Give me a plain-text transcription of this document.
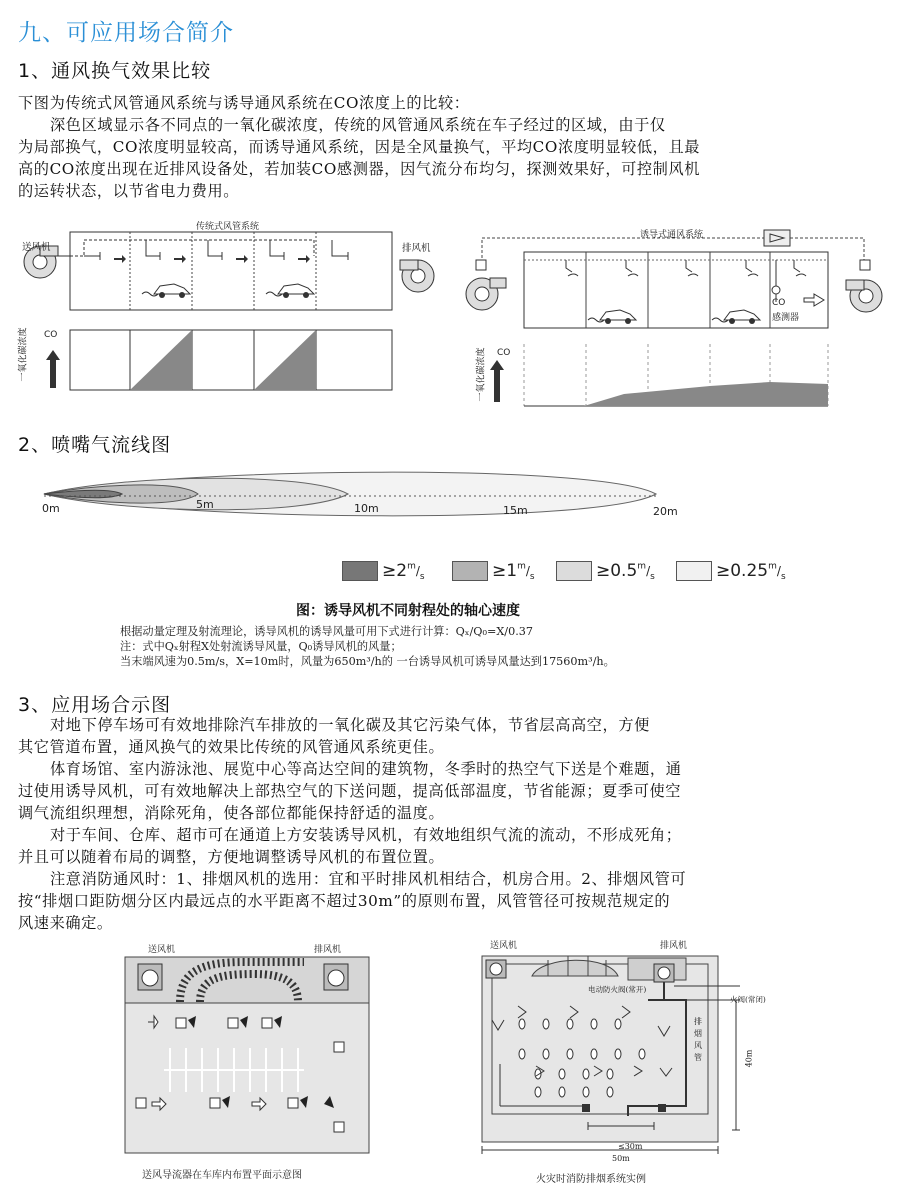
九、可应用场合简介
1、通风换气效果比较

下图为传统式风管通风系统与诱导通风系统在CO浓度上的比较：

深色区域显示各不同点的一氧化碳浓度，传统的风管通风系统在车子经过的区域，由于仅

为局部换气，CO浓度明显较高，而诱导通风系统，因是全风量换气，平均CO浓度明显较低，且最

高的CO浓度出现在近排风设备处，若加装CO感测器，因气流分布均匀，探测效果好，可控制风机

的运转状态，以节省电力费用。

传统式风管系统
送风机
CO
一氧化碳浓度
排风机
诱导式通风系统
CO
感测器
CO
一氧化碳浓度
2、喷嘴气流线图
0m	5m	10m	15m	20m
$\ge 2^m/_s$	$\ge 1^m/_s$	$\ge 0.5^m/_s$	$\ge 0.25^m/_s$
图：诱导风机不同射程处的轴心速度
根据动量定理及射流理论，诱导风机的诱导风量可用下式进行计算：Qₓ/Q₀=X/0.37
注：式中Qₓ射程X处射流诱导风量，Q₀诱导风机的风量；
当末端风速为0.5m/s，X=10m时，风量为650m³/h的 一台诱导风机可诱导风量达到17560m³/h。
3、应用场合示图

对地下停车场可有效地排除汽车排放的一氧化碳及其它污染气体，节省层高高空，方便

其它管道布置，通风换气的效果比传统的风管通风系统更佳。

体育场馆、室内游泳池、展览中心等高达空间的建筑物，冬季时的热空气下送是个难题，通

过使用诱导风机，可有效地解决上部热空气的下送问题，提高低部温度，节省能源；夏季可使空

调气流组织理想，消除死角，使各部位都能保持舒适的温度。

对于车间、仓库、超市可在通道上方安装诱导风机，有效地组织气流的流动，不形成死角；

并且可以随着布局的调整，方便地调整诱导风机的布置位置。

注意消防通风时：1、排烟风机的选用：宜和平时排风机相结合，机房合用。2、排烟风管可

按“排烟口距防烟分区内最远点的水平距离不超过30m”的原则布置，风管管径可按规范规定的

风速来确定。

送风机	排风机
送风导流器在车库内布置平面示意图
送风机	排风机
电动防火阀(常开)
火阀(常闭)
排
烟
风
管
≤30m
50m
40m
火灾时消防排烟系统实例
